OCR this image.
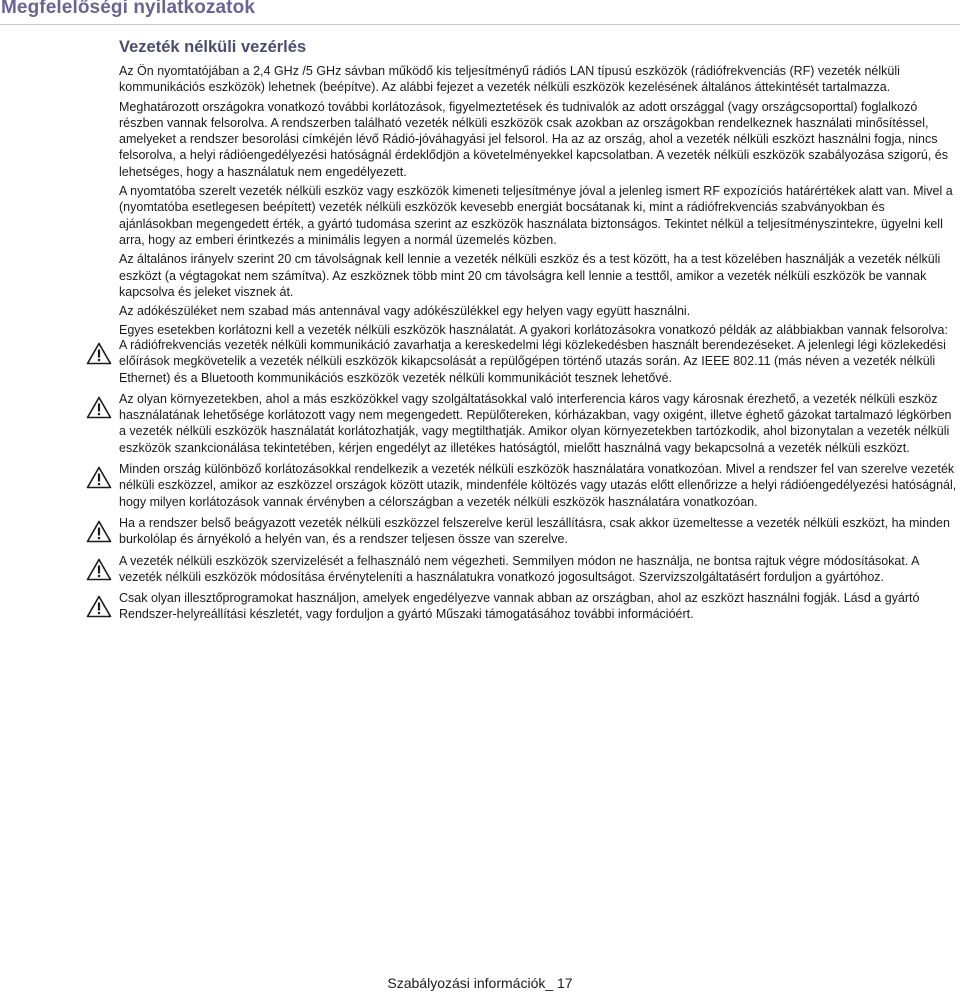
Megfelelőségi nyilatkozatok
Vezeték nélküli vezérlés

Az Ön nyomtatójában a 2,4 GHz /5 GHz sávban működő kis teljesítményű rádiós LAN típusú eszközök (rádiófrekvenciás (RF) vezeték nélküli kommunikációs eszközök) lehetnek (beépítve). Az alábbi fejezet a vezeték nélküli eszközök kezelésének általános áttekintését tartalmazza.

Meghatározott országokra vonatkozó további korlátozások, figyelmeztetések és tudnivalók az adott országgal (vagy országcsoporttal) foglalkozó részben vannak felsorolva. A rendszerben található vezeték nélküli eszközök csak azokban az országokban rendelkeznek használati minősítéssel, amelyeket a rendszer besorolási címkéjén lévő Rádió-jóváhagyási jel felsorol. Ha az az ország, ahol a vezeték nélküli eszközt használni fogja, nincs felsorolva, a helyi rádióengedélyezési hatóságnál érdeklődjön a követelményekkel kapcsolatban. A vezeték nélküli eszközök szabályozása szigorú, és lehetséges, hogy a használatuk nem engedélyezett.

A nyomtatóba szerelt vezeték nélküli eszköz vagy eszközök kimeneti teljesítménye jóval a jelenleg ismert RF expozíciós határértékek alatt van. Mivel a (nyomtatóba esetlegesen beépített) vezeték nélküli eszközök kevesebb energiát bocsátanak ki, mint a rádiófrekvenciás szabványokban és ajánlásokban megengedett érték, a gyártó tudomása szerint az eszközök használata biztonságos. Tekintet nélkül a teljesítményszintekre, ügyelni kell arra, hogy az emberi érintkezés a minimális legyen a normál üzemelés közben.

Az általános irányelv szerint 20 cm távolságnak kell lennie a vezeték nélküli eszköz és a test között, ha a test közelében használják a vezeték nélküli eszközt (a végtagokat nem számítva). Az eszköznek több mint 20 cm távolságra kell lennie a testtől, amikor a vezeték nélküli eszközök be vannak kapcsolva és jeleket visznek át.

Az adókészüléket nem szabad más antennával vagy adókészülékkel egy helyen vagy együtt használni.

Egyes esetekben korlátozni kell a vezeték nélküli eszközök használatát. A gyakori korlátozásokra vonatkozó példák az alábbiakban vannak felsorolva:

A rádiófrekvenciás vezeték nélküli kommunikáció zavarhatja a kereskedelmi légi közlekedésben használt berendezéseket. A jelenlegi légi közlekedési előírások megkövetelik a vezeték nélküli eszközök kikapcsolását a repülőgépen történő utazás során. Az IEEE 802.11 (más néven a vezeték nélküli Ethernet) és a Bluetooth kommunikációs eszközök vezeték nélküli kommunikációt tesznek lehetővé.

Az olyan környezetekben, ahol a más eszközökkel vagy szolgáltatásokkal való interferencia káros vagy károsnak érezhető, a vezeték nélküli eszköz használatának lehetősége korlátozott vagy nem megengedett. Repülőtereken, kórházakban, vagy oxigént, illetve éghető gázokat tartalmazó légkörben a vezeték nélküli eszközök használatát korlátozhatják, vagy megtilthatják. Amikor olyan környezetekben tartózkodik, ahol bizonytalan a vezeték nélküli eszközök szankcionálása tekintetében, kérjen engedélyt az illetékes hatóságtól, mielőtt használná vagy bekapcsolná a vezeték nélküli eszközt.

Minden ország különböző korlátozásokkal rendelkezik a vezeték nélküli eszközök használatára vonatkozóan. Mivel a rendszer fel van szerelve vezeték nélküli eszközzel, amikor az eszközzel országok között utazik, mindenféle költözés vagy utazás előtt ellenőrizze a helyi rádióengedélyezési hatóságnál, hogy milyen korlátozások vannak érvényben a célországban a vezeték nélküli eszközök használatára vonatkozóan.

Ha a rendszer belső beágyazott vezeték nélküli eszközzel felszerelve kerül leszállításra, csak akkor üzemeltesse a vezeték nélküli eszközt, ha minden burkolólap és árnyékoló a helyén van, és a rendszer teljesen össze van szerelve.

A vezeték nélküli eszközök szervizelését a felhasználó nem végezheti. Semmilyen módon ne használja, ne bontsa rajtuk végre módosításokat. A vezeték nélküli eszközök módosítása érvényteleníti a használatukra vonatkozó jogosultságot. Szervizszolgáltatásért forduljon a gyártóhoz.

Csak olyan illesztőprogramokat használjon, amelyek engedélyezve vannak abban az országban, ahol az eszközt használni fogják. Lásd a gyártó Rendszer-helyreállítási készletét, vagy forduljon a gyártó Műszaki támogatásához további információért.

Szabályozási információk_ 17
